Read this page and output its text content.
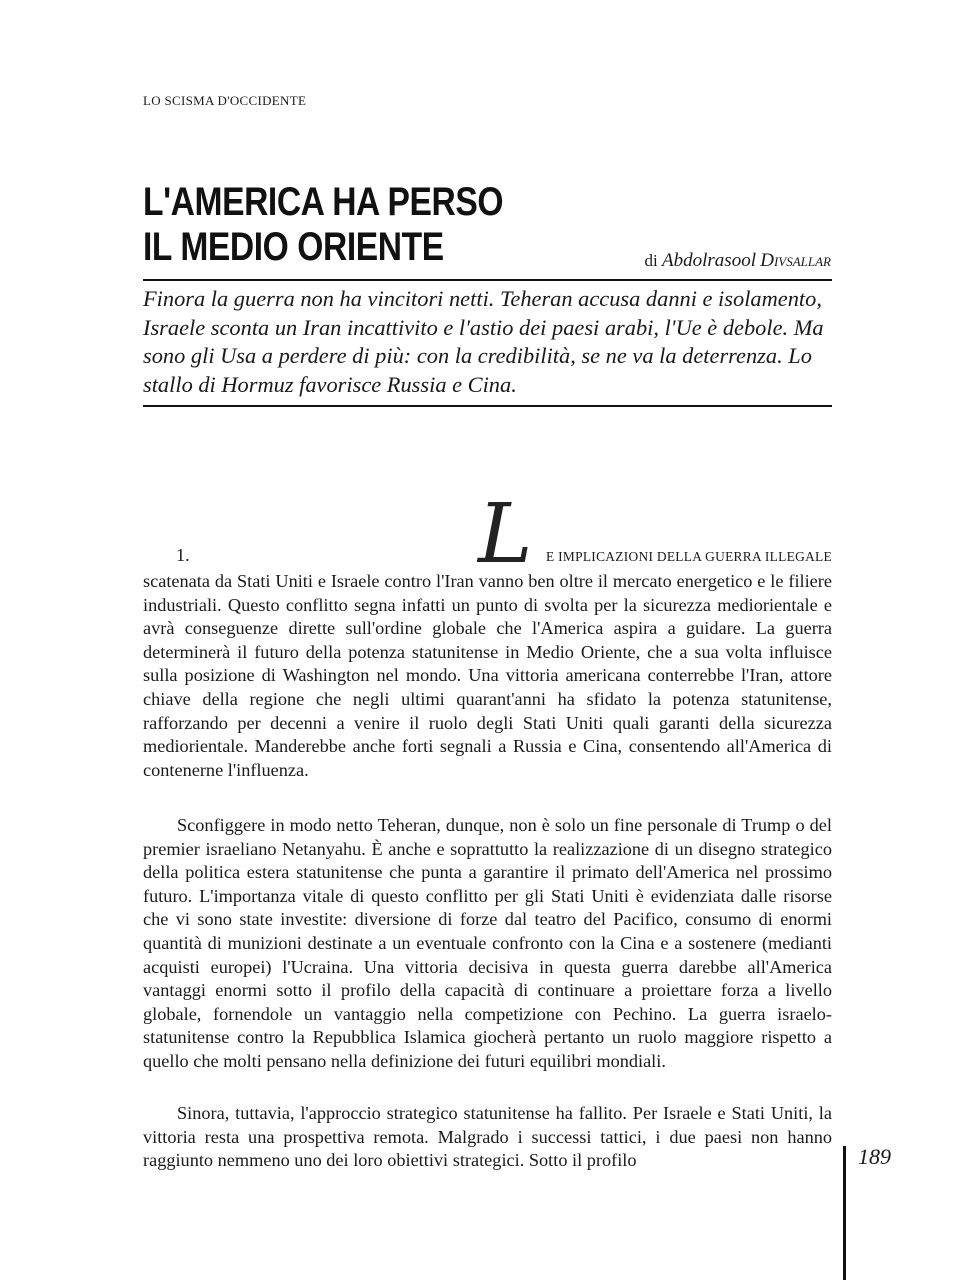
LO SCISMA D'OCCIDENTE
L'AMERICA HA PERSO
IL MEDIO ORIENTE	di Abdolrasool Divsallar

Finora la guerra non ha vincitori netti. Teheran accusa danni e isolamento, Israele sconta un Iran incattivito e l'astio dei paesi arabi, l'Ue è debole. Ma sono gli Usa a perdere di più: con la credibilità, se ne va la deterrenza. Lo stallo di Hormuz favorisce Russia e Cina.

1.	L E IMPLICAZIONI DELLA GUERRA ILLEGALE

scatenata da Stati Uniti e Israele contro l'Iran vanno ben oltre il mercato energetico e le filiere industriali. Questo conflitto segna infatti un punto di svolta per la sicurezza mediorientale e avrà conseguenze dirette sull'ordine globale che l'America aspira a guidare. La guerra determinerà il futuro della potenza statunitense in Medio Oriente, che a sua volta influisce sulla posizione di Washington nel mondo. Una vittoria americana conterrebbe l'Iran, attore chiave della regione che negli ultimi quarant'anni ha sfidato la potenza statunitense, rafforzando per decenni a venire il ruolo degli Stati Uniti quali garanti della sicurezza mediorientale. Manderebbe anche forti segnali a Russia e Cina, consentendo all'America di contenerne l'influenza.

Sconfiggere in modo netto Teheran, dunque, non è solo un fine personale di Trump o del premier israeliano Netanyahu. È anche e soprattutto la realizzazione di un disegno strategico della politica estera statunitense che punta a garantire il primato dell'America nel prossimo futuro. L'importanza vitale di questo conflitto per gli Stati Uniti è evidenziata dalle risorse che vi sono state investite: diversione di forze dal teatro del Pacifico, consumo di enormi quantità di munizioni destinate a un eventuale confronto con la Cina e a sostenere (medianti acquisti europei) l'Ucraina. Una vittoria decisiva in questa guerra darebbe all'America vantaggi enormi sotto il profilo della capacità di continuare a proiettare forza a livello globale, fornendole un vantaggio nella competizione con Pechino. La guerra israelo-statunitense contro la Repubblica Islamica giocherà pertanto un ruolo maggiore rispetto a quello che molti pensano nella definizione dei futuri equilibri mondiali.

Sinora, tuttavia, l'approccio strategico statunitense ha fallito. Per Israele e Stati Uniti, la vittoria resta una prospettiva remota. Malgrado i successi tattici, i due paesi non hanno raggiunto nemmeno uno dei loro obiettivi strategici. Sotto il profilo	189
